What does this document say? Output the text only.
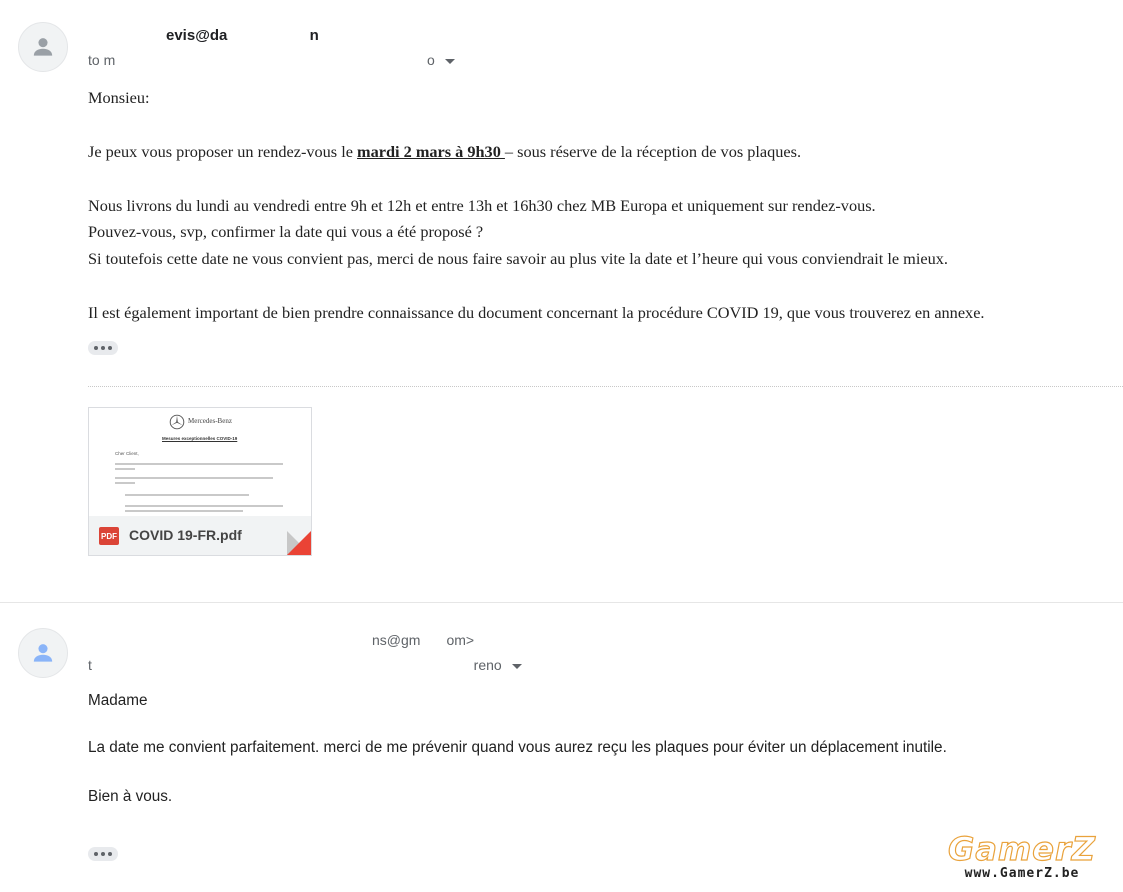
evis@da	n
to m	o
Monsieu:
Je peux vous proposer un rendez-vous le mardi 2 mars à 9h30 – sous réserve de la réception de vos plaques.
Nous livrons du lundi au vendredi entre 9h et 12h et entre 13h et 16h30 chez MB Europa et uniquement sur rendez-vous.
Pouvez-vous, svp, confirmer la date qui vous a été proposé ?
Si toutefois cette date ne vous convient pas, merci de nous faire savoir au plus vite la date et l’heure qui vous conviendrait le mieux.
Il est également important de bien prendre connaissance du document concernant la procédure COVID 19, que vous trouverez en annexe.
Mercedes-Benz
Mesures exceptionnelles COVID-19
Cher Client,
PDF COVID 19-FR.pdf
ns@gm om>
t	reno
Madame
La date me convient parfaitement. merci de me prévenir quand vous aurez reçu les plaques pour éviter un déplacement inutile.
Bien à vous.
GamerZ
www.GamerZ.be
